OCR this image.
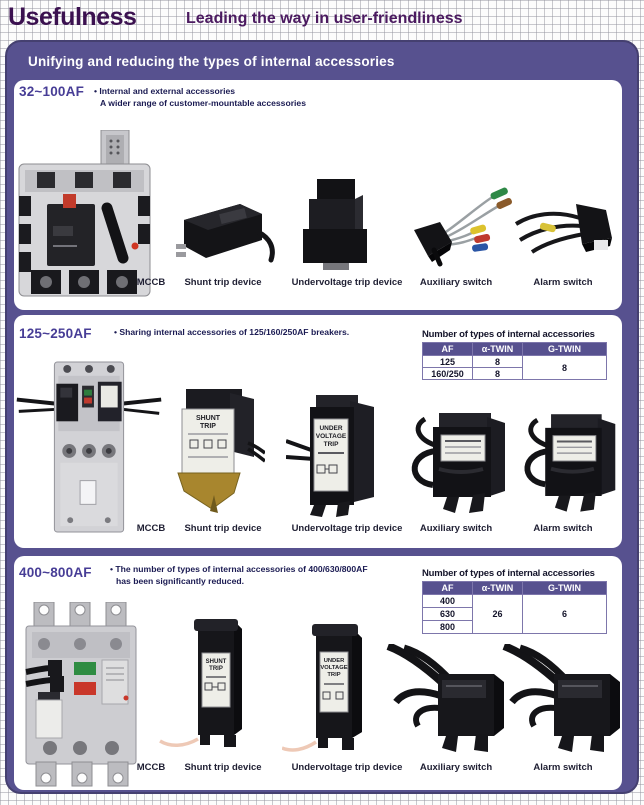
Usefulness	Leading the way in user-friendliness
Unifying and reducing the types of internal accessories
32~100AF • Internal and external accessories
A wider range of customer-mountable accessories
MCCB Shunt trip device	Undervoltage trip device Auxiliary switch	Alarm switch
125~250AF	• Sharing internal accessories of 125/160/250AF breakers.	Number of types of internal accessories
AF	α-TWIN	G-TWIN
125	8	8
160/250	8	
SHUNT
TRIP	UNDER
VOLTAGE
TRIP
MCCB Shunt trip device	Undervoltage trip device Auxiliary switch	Alarm switch
400~800AF • The number of types of internal accessories of 400/630/800AF
has been significantly reduced.
Number of types of internal accessories
AF	α-TWIN	G-TWIN
400	26	6
630		
800		
SHUNT
TRIP
UNDER
VOLTAGE
TRIP
MCCB Shunt trip device	Undervoltage trip device Auxiliary switch	Alarm switch
